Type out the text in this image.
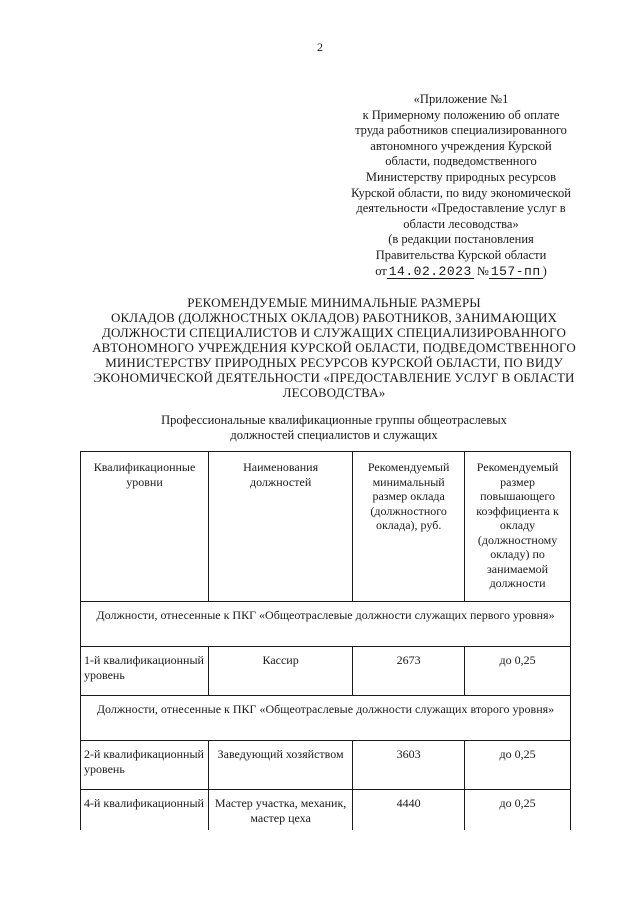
2
«Приложение №1
к Примерному положению об оплате
труда работников специализированного
автономного учреждения Курской
области, подведомственного
Министерству природных ресурсов
Курской области, по виду экономической
деятельности «Предоставление услуг в
области лесоводства»
(в редакции постановления
Правительства Курской области
от 14.02.2023 № 157-пп )
РЕКОМЕНДУЕМЫЕ МИНИМАЛЬНЫЕ РАЗМЕРЫ
ОКЛАДОВ (ДОЛЖНОСТНЫХ ОКЛАДОВ) РАБОТНИКОВ, ЗАНИМАЮЩИХ
ДОЛЖНОСТИ СПЕЦИАЛИСТОВ И СЛУЖАЩИХ СПЕЦИАЛИЗИРОВАННОГО
АВТОНОМНОГО УЧРЕЖДЕНИЯ КУРСКОЙ ОБЛАСТИ, ПОДВЕДОМСТВЕННОГО
МИНИСТЕРСТВУ ПРИРОДНЫХ РЕСУРСОВ КУРСКОЙ ОБЛАСТИ, ПО ВИДУ
ЭКОНОМИЧЕСКОЙ ДЕЯТЕЛЬНОСТИ «ПРЕДОСТАВЛЕНИЕ УСЛУГ В ОБЛАСТИ
ЛЕСОВОДСТВА»
Профессиональные квалификационные группы общеотраслевых
должностей специалистов и служащих
Квалификационные уровни	Наименования должностей	Рекомендуемый минимальный размер оклада (должностного оклада), руб.	Рекомендуемый размер повышающего коэффициента к окладу (должностному окладу) по занимаемой должности
Должности, отнесенные к ПКГ «Общеотраслевые должности служащих первого уровня»			
1-й квалификационный уровень	Кассир	2673	до 0,25
Должности, отнесенные к ПКГ «Общеотраслевые должности служащих второго уровня»			
2-й квалификационный уровень	Заведующий хозяйством	3603	до 0,25
4-й квалификационный	Мастер участка, механик, мастер цеха	4440	до 0,25
